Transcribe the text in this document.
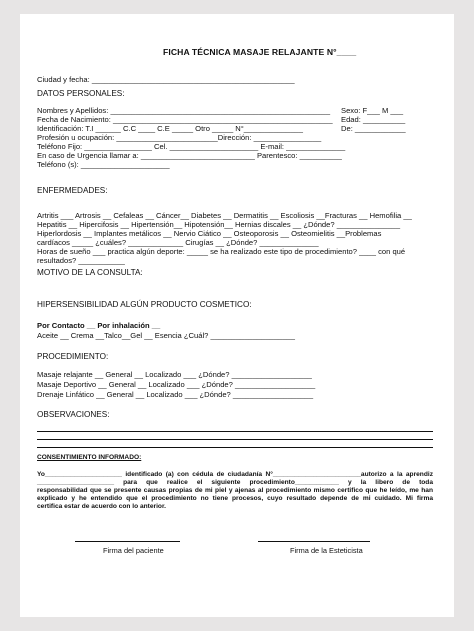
FICHA TÉCNICA MASAJE RELAJANTE N°____
Ciudad y fecha: ________________________________________________
DATOS PERSONALES:
Nombres y Apellidos: ____________________________________________________
Fecha de Nacimiento: ____________________________________________________
Identificación: T.I ______ C.C ____ C.E _____ Otro _____ N°______________
Profesión u ocupación: ________________________Dirección: ________________
Teléfono Fijo: ________________ Cel. _____________________ E-mail: ______________
En caso de Urgencia llamar a: ___________________________ Parentesco: __________
Teléfono (s): _____________________
Sexo: F___ M ___
Edad: __________
De: ____________
ENFERMEDADES:
Artritis ___ Artrosis __ Cefaleas __ Cáncer__ Diabetes __ Dermatitis __ Escoliosis __Fracturas __ Hemofilia __
Hepatitis __ Hipercifosis __ Hipertensión__ Hipotensión__ Hernias discales __ ¿Dónde? _______________
Hiperlordosis __ Implantes metálicos __ Nervio Ciático __ Osteoporosis __ Osteomielitis __Problemas
cardíacos _____ ¿cuáles? _____________ Cirugías __ ¿Dónde? ______________
Horas de sueño ___ practica algún deporte: _____ se ha realizado este tipo de procedimiento? ____ con qué
resultados? ___________
MOTIVO DE LA CONSULTA:
HIPERSENSIBILIDAD ALGÚN PRODUCTO COSMETICO:
Por Contacto __ Por inhalación __
Aceite __ Crema __Talco__Gel __ Esencia ¿Cuál? ____________________
PROCEDIMIENTO:
Masaje relajante __ General __ Localizado ___ ¿Dónde? ___________________
Masaje Deportivo __ General __ Localizado ___ ¿Dónde? ___________________
Drenaje Linfático __ General __ Localizado ___ ¿Dónde? ___________________
OBSERVACIONES:
CONSENTIMIENTO INFORMADO:
Yo_____________________ identificado (a) con cédula de ciudadanía N°________________________autorizo a la aprendiz
_____________________ para que realice el siguiente procedimiento____________ y la libero de toda
responsabilidad que se presente causas propias de mi piel y ajenas al procedimiento mismo certifico que he leído, me han
explicado y he entendido que el procedimiento no tiene procesos, cuyo resultado depende de mi cuidado. Mi firma
certifica estar de acuerdo con lo anterior.
Firma del paciente	Firma de la Esteticista
